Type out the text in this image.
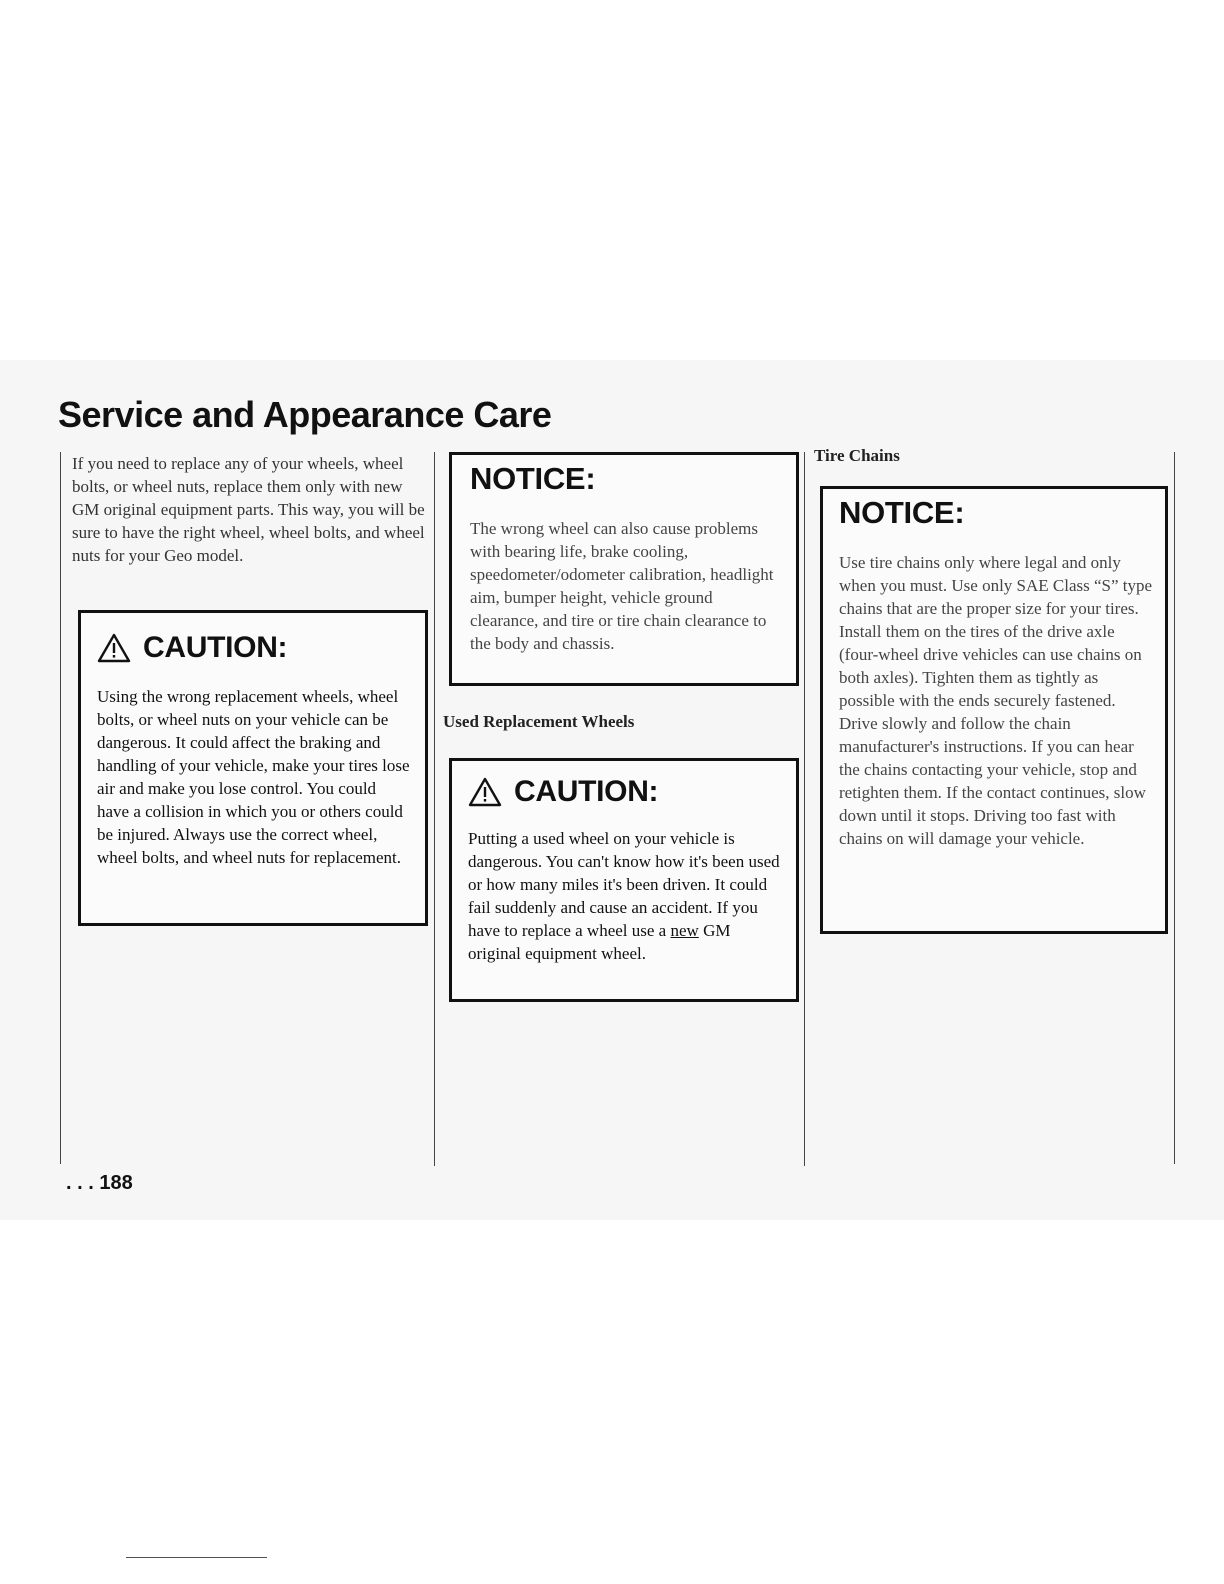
Service and Appearance Care

If you need to replace any of your wheels, wheel bolts, or wheel nuts, replace them only with new GM original equipment parts. This way, you will be sure to have the right wheel, wheel bolts, and wheel nuts for your Geo model.

CAUTION:

Using the wrong replacement wheels, wheel bolts, or wheel nuts on your vehicle can be dangerous. It could affect the braking and handling of your vehicle, make your tires lose air and make you lose control. You could have a collision in which you or others could be injured. Always use the correct wheel, wheel bolts, and wheel nuts for replacement.

NOTICE:

The wrong wheel can also cause problems with bearing life, brake cooling, speedometer/odometer calibration, headlight aim, bumper height, vehicle ground clearance, and tire or tire chain clearance to the body and chassis.

Used Replacement Wheels

CAUTION:

Putting a used wheel on your vehicle is dangerous. You can't know how it's been used or how many miles it's been driven. It could fail suddenly and cause an accident. If you have to replace a wheel use a new GM original equipment wheel.

Tire Chains

NOTICE:

Use tire chains only where legal and only when you must. Use only SAE Class “S” type chains that are the proper size for your tires. Install them on the tires of the drive axle (four-wheel drive vehicles can use chains on both axles). Tighten them as tightly as possible with the ends securely fastened. Drive slowly and follow the chain manufacturer's instructions. If you can hear the chains contacting your vehicle, stop and retighten them. If the contact continues, slow down until it stops. Driving too fast with chains on will damage your vehicle.

. . . 188
